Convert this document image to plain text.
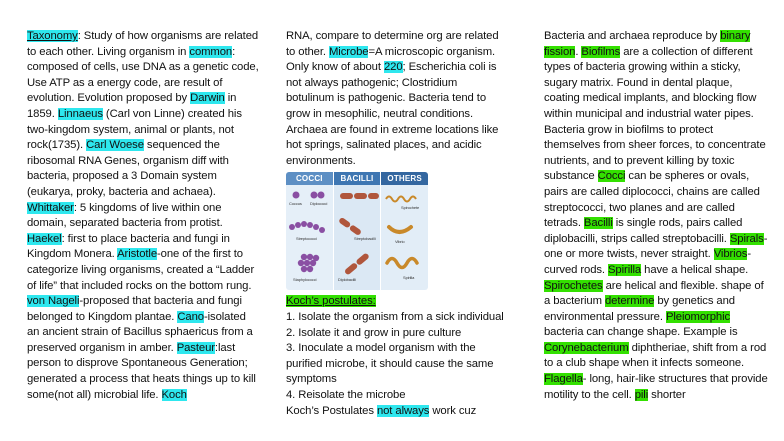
Taxonomy: Study of how organisms are related to each other. Living organism in common: composed of cells, use DNA as a genetic code, Use ATP as a energy code, are result of evolution. Evolution proposed by Darwin in 1859. Linnaeus (Carl von Linne) created his two-kingdom system, animal or plants, not rock(1735). Carl Woese sequenced the ribosomal RNA Genes, organism diff with bacteria, proposed a 3 Domain system (eukarya, proky, bacteria and achaea). Whittaker: 5 kingdoms of live within one domain, separated bacteria from protist. Haekel: first to place bacteria and fungi in Kingdom Monera. Aristotle-one of the first to categorize living organisms, created a “Ladder of life” that included rocks on the bottom rung. von Nageli-proposed that bacteria and fungi belonged to Kingdom plantae. Cano-isolated an ancient strain of Bacillus sphaericus from a preserved organism in amber. Pasteur:last person to disprove Spontaneous Generation; generated a process that heats things up to kill some(not all) microbial life. Koch
RNA, compare to determine org are related to other. Microbe=A microscopic organism. Only know of about 220; Escherichia coli is not always pathogenic; Clostridium botulinum is pathogenic. Bacteria tend to grow in mesophilic, neutral conditions. Archaea are found in extreme locations like hot springs, salinated places, and acidic environments.
COCCI
Coccus Diplococci
Streptococci
Staphylococci
BACILLI
Streptobacilli
Diplobacilli
OTHERS
Spirochete
Vibrio
Spirilla
Koch’s postulates:
1. Isolate the organism from a sick individual
2. Isolate it and grow in pure culture
3. Inoculate a model organism with the purified microbe, it should cause the same symptoms
4. Reisolate the microbe
Koch’s Postulates not always work cuz
Bacteria and archaea reproduce by binary fission. Biofilms are a collection of different types of bacteria growing within a sticky, sugary matrix. Found in dental plaque, coating medical implants, and blocking flow within municipal and industrial water pipes. Bacteria grow in biofilms to protect themselves from sheer forces, to concentrate nutrients, and to prevent killing by toxic substance Cocci can be spheres or ovals, pairs are called diplococci, chains are called streptococci, two planes and are called tetrads. Bacilli is single rods, pairs called diplobacilli, strips called streptobacilli. Spirals-one or more twists, never straight. Vibrios- curved rods. Spirilla have a helical shape. Spirochetes are helical and flexible. shape of a bacterium determine by genetics and environmental pressure. Pleiomorphic bacteria can change shape. Example is Corynebacterium diphtheriae, shift from a rod to a club shape when it infects someone.
Flagella- long, hair-like structures that provide motility to the cell. pili shorter
